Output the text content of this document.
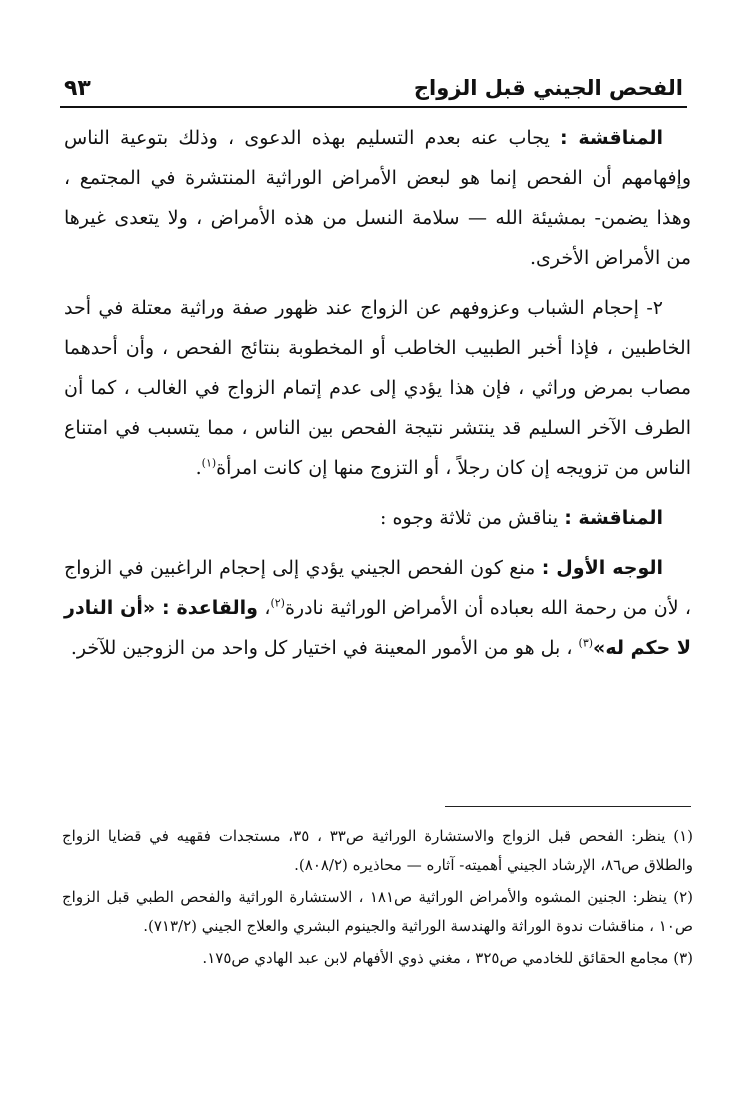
الفحص الجيني قبل الزواج
٩٣

المناقشة : يجاب عنه بعدم التسليم بهذه الدعوى ، وذلك بتوعية الناس وإفهامهم أن الفحص إنما هو لبعض الأمراض الوراثية المنتشرة في المجتمع ، وهذا يضمن- بمشيئة الله — سلامة النسل من هذه الأمراض ، ولا يتعدى غيرها من الأمراض الأخرى.

٢- إحجام الشباب وعزوفهم عن الزواج عند ظهور صفة وراثية معتلة في أحد الخاطبين ، فإذا أخبر الطبيب الخاطب أو المخطوبة بنتائج الفحص ، وأن أحدهما مصاب بمرض وراثي ، فإن هذا يؤدي إلى عدم إتمام الزواج في الغالب ، كما أن الطرف الآخر السليم قد ينتشر نتيجة الفحص بين الناس ، مما يتسبب في امتناع الناس من تزويجه إن كان رجلاً ، أو التزوج منها إن كانت امرأة$^{(١)}$.

المناقشة : يناقش من ثلاثة وجوه :

الوجه الأول : منع كون الفحص الجيني يؤدي إلى إحجام الراغبين في الزواج ، لأن من رحمة الله بعباده أن الأمراض الوراثية نادرة$^{(٢)}$، والقاعدة : «أن النادر لا حكم له»$^{(٣)}$ ، بل هو من الأمور المعينة في اختيار كل واحد من الزوجين للآخر.

(١) ينظر: الفحص قبل الزواج والاستشارة الوراثية ص٣٣ ، ٣٥، مستجدات فقهيه في قضايا الزواج والطلاق ص٨٦، الإرشاد الجيني أهميته- آثاره — محاذيره (٨٠٨/٢).

(٢) ينظر: الجنين المشوه والأمراض الوراثية ص١٨١ ، الاستشارة الوراثية والفحص الطبي قبل الزواج ص١٠ ، مناقشات ندوة الوراثة والهندسة الوراثية والجينوم البشري والعلاج الجيني (٧١٣/٢).

(٣) مجامع الحقائق للخادمي ص٣٢٥ ، مغني ذوي الأفهام لابن عبد الهادي ص١٧٥.
